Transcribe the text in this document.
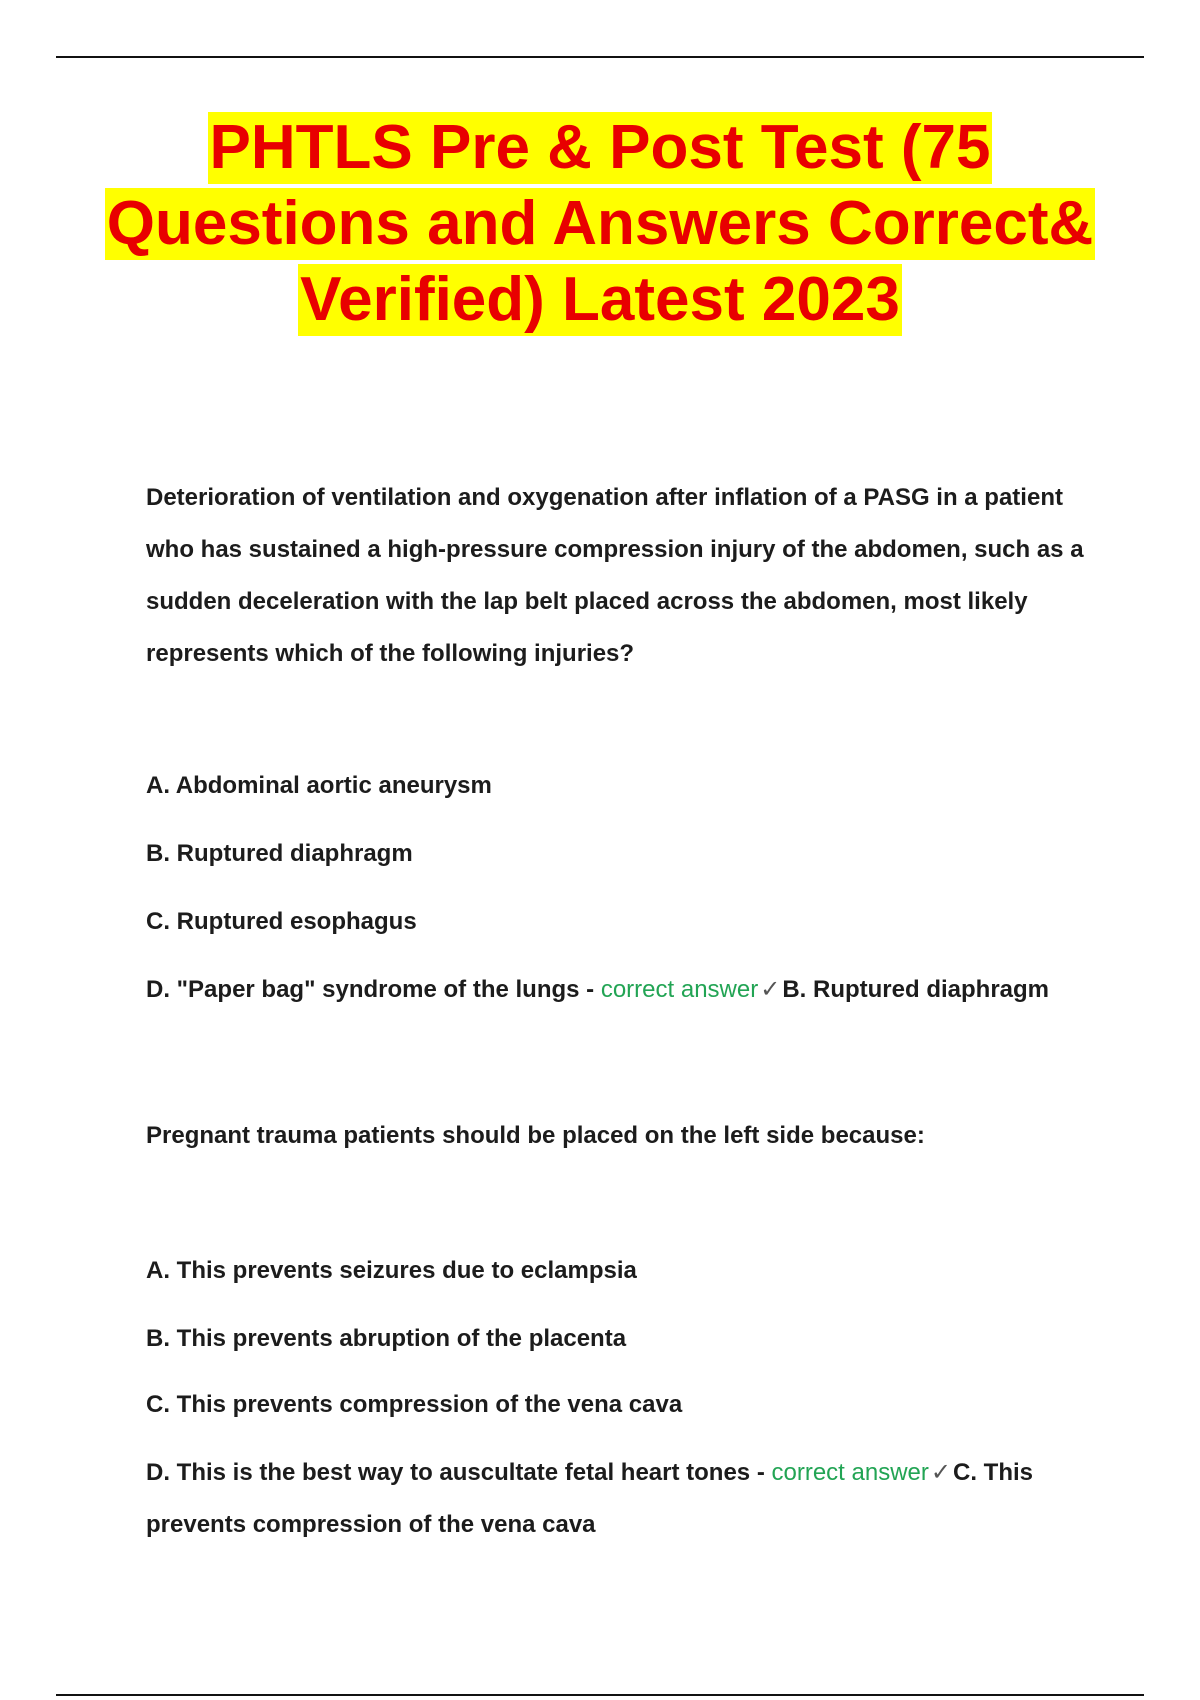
PHTLS Pre & Post Test (75
Questions and Answers Correct&
Verified) Latest 2023

Deterioration of ventilation and oxygenation after inflation of a PASG in a patient who has sustained a high-pressure compression injury of the abdomen, such as a sudden deceleration with the lap belt placed across the abdomen, most likely represents which of the following injuries?

A. Abdominal aortic aneurysm

B. Ruptured diaphragm

C. Ruptured esophagus

D. "Paper bag" syndrome of the lungs - correct answer✓B. Ruptured diaphragm

Pregnant trauma patients should be placed on the left side because:

A. This prevents seizures due to eclampsia

B. This prevents abruption of the placenta

C. This prevents compression of the vena cava

D. This is the best way to auscultate fetal heart tones - correct answer✓C. This prevents compression of the vena cava
